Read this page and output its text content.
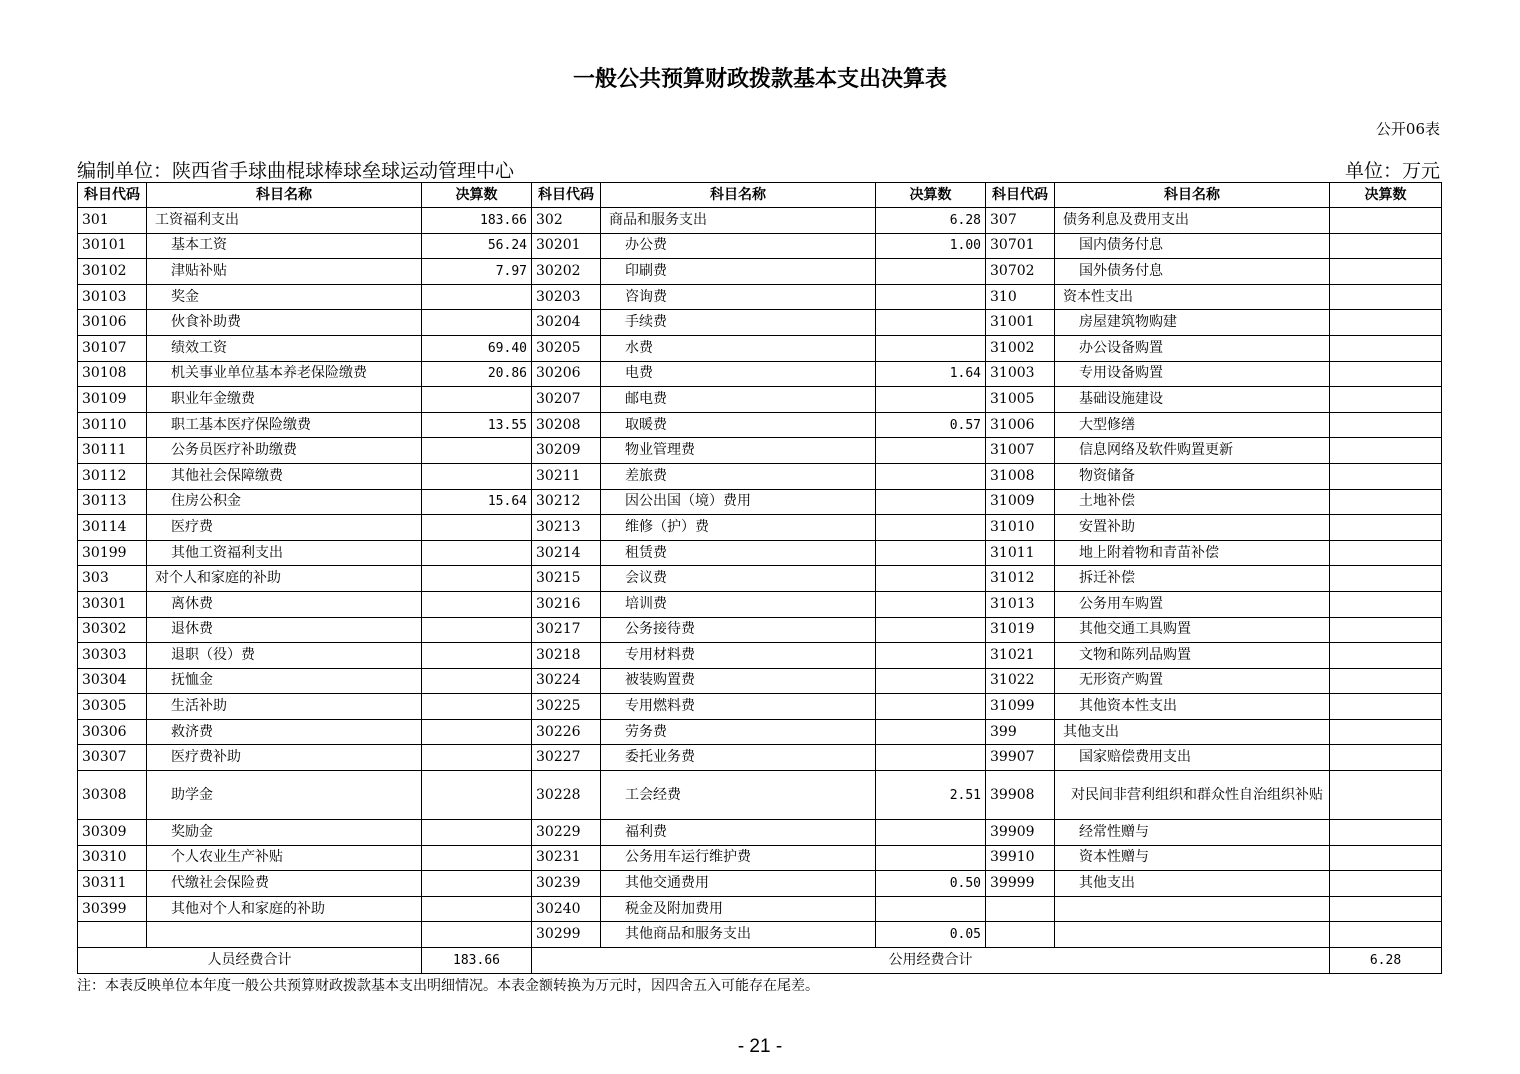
一般公共预算财政拨款基本支出决算表
公开06表
编制单位：陕西省手球曲棍球棒球垒球运动管理中心	单位：万元
科目代码	科目名称	决算数	科目代码	科目名称	决算数	科目代码	科目名称	决算数
301	工资福利支出	183.66	302	商品和服务支出	6.28	307	债务利息及费用支出	
30101	基本工资	56.24	30201	办公费	1.00	30701	国内债务付息	
30102	津贴补贴	7.97	30202	印刷费		30702	国外债务付息	
30103	奖金		30203	咨询费		310	资本性支出	
30106	伙食补助费		30204	手续费		31001	房屋建筑物购建	
30107	绩效工资	69.40	30205	水费		31002	办公设备购置	
30108	机关事业单位基本养老保险缴费	20.86	30206	电费	1.64	31003	专用设备购置	
30109	职业年金缴费		30207	邮电费		31005	基础设施建设	
30110	职工基本医疗保险缴费	13.55	30208	取暖费	0.57	31006	大型修缮	
30111	公务员医疗补助缴费		30209	物业管理费		31007	信息网络及软件购置更新	
30112	其他社会保障缴费		30211	差旅费		31008	物资储备	
30113	住房公积金	15.64	30212	因公出国（境）费用		31009	土地补偿	
30114	医疗费		30213	维修（护）费		31010	安置补助	
30199	其他工资福利支出		30214	租赁费		31011	地上附着物和青苗补偿	
303	对个人和家庭的补助		30215	会议费		31012	拆迁补偿	
30301	离休费		30216	培训费		31013	公务用车购置	
30302	退休费		30217	公务接待费		31019	其他交通工具购置	
30303	退职（役）费		30218	专用材料费		31021	文物和陈列品购置	
30304	抚恤金		30224	被装购置费		31022	无形资产购置	
30305	生活补助		30225	专用燃料费		31099	其他资本性支出	
30306	救济费		30226	劳务费		399	其他支出	
30307	医疗费补助		30227	委托业务费		39907	国家赔偿费用支出	
30308	助学金		30228	工会经费	2.51	39908	对民间非营利组织和群众性自治组织补贴	
30309	奖励金		30229	福利费		39909	经常性赠与	
30310	个人农业生产补贴		30231	公务用车运行维护费		39910	资本性赠与	
30311	代缴社会保险费		30239	其他交通费用	0.50	39999	其他支出	
30399	其他对个人和家庭的补助		30240	税金及附加费用				
			30299	其他商品和服务支出	0.05			
人员经费合计		183.66	公用经费合计					6.28
注：本表反映单位本年度一般公共预算财政拨款基本支出明细情况。本表金额转换为万元时，因四舍五入可能存在尾差。
- 21 -
